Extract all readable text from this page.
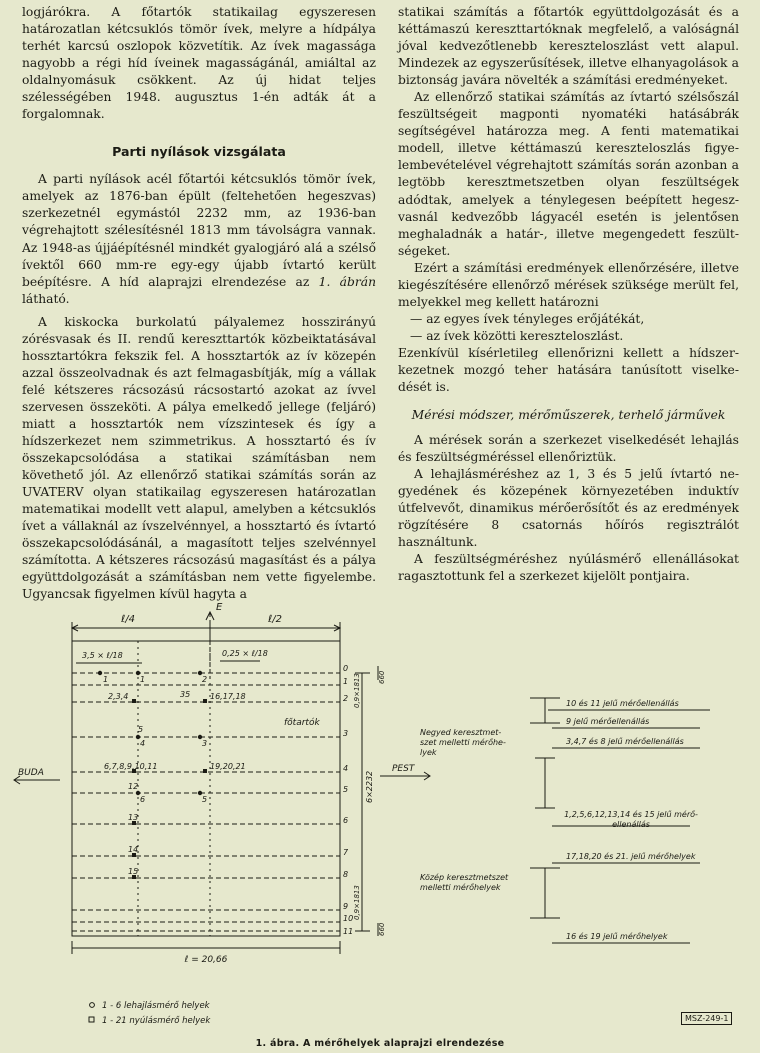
logjárókra. A főtartók statikailag egyszeresen határozatlan kétcsuklós tömör ívek, melyre a hídpálya terhét karcsú oszlopok közvetítik. Az ívek magassága nagyobb a régi híd íveinek magasságánál, amiáltal az oldalnyomásuk csökkent. Az új hidat teljes szélességében 1948. augusztus 1-én adták át a forgalomnak.

Parti nyílások vizsgálata

A parti nyílások acél főtartói kétcsuklós tömör ívek, amelyek az 1876-ban épült (feltehetően hegeszvas) szerkezetnél egymástól 2232 mm, az 1936-ban végrehajtott szélesítésnél 1813 mm távolságra vannak. Az 1948-as újjáépítésnél mindkét gyalogjáró alá a szélső ívektől 660 mm-re egy-egy újabb ívtartó került beépítésre. A híd alaprajzi elrendezése az 1. ábrán látható.

A kiskocka burkolatú pályalemez hosszirányú zórésvasak és II. rendű kereszttartók közbeiktatásával hossztartókra fekszik fel. A hossztartók az ív közepén azzal összeolvadnak és azt felmagasbítják, míg a vállak felé kétszeres rácsozású rácsostartó azokat az ívvel szervesen összeköti. A pálya emelkedő jellege (feljáró) miatt a hossztartók nem vízszintesek és így a hídszerkezet nem szimmetrikus. A hossztartó és ív összekapcsolódása a statikai számításban nem követhető jól. Az ellenőrző statikai számítás során az UVATERV olyan statikailag egyszeresen határozatlan matematikai modellt vett alapul, amelyben a kétcsuklós ívet a vállaknál az ívszelvénnyel, a hossztartó és ívtartó összekapcsolódásánál, a magasított teljes szelvénnyel számította. A kétszeres rácsozású magasítást és a pálya együttdolgozását a számításban nem vette figyelembe. Ugyancsak figyelmen kívül hagyta a

statikai számítás a főtartók együttdolgozását és a kéttámaszú kereszttartóknak megfelelő, a valóságnál jóval kedvezőtlenebb kereszteloszlást vett alapul. Mindezek az egyszerűsítések, illetve elhanyagolások a biztonság javára növelték a számítási eredményeket.

Az ellenőrző statikai számítás az ívtartó szélsőszál feszültségeit magponti nyomatéki hatásábrák segítségével határozza meg. A fenti matematikai modell, illetve kéttámaszú kereszteloszlás figyelembevételével végrehajtott számítás során azonban a legtöbb keresztmetszetben olyan feszültségek adódtak, amelyek a ténylegesen beépített hegeszvasnál kedvezőbb lágyacél esetén is jelentősen meghaladnák a határ-, illetve megengedett feszültségeket.

Ezért a számítási eredmények ellenőrzésére, illetve kiegészítésére ellenőrző mérések szüksége merült fel, melyekkel meg kellett határozni

— az egyes ívek tényleges erőjátékát,

— az ívek közötti kereszteloszlást.

Ezenkívül kísérletileg ellenőrizni kellett a hídszerkezetnek mozgó teher hatására tanúsított viselkedését is.

Mérési módszer, mérőműszerek, terhelő járművek

A mérések során a szerkezet viselkedését lehajlás és feszültségméréssel ellenőriztük.

A lehajlásméréshez az 1, 3 és 5 jelű ívtartó negyedének és közepének környezetében induktív útfelvevőt, dinamikus mérőerősítőt és az eredmények rögzítésére 8 csatornás hőírós regisztrálót használtunk.

A feszültségméréshez nyúlásmérő ellenállásokat ragasztottunk fel a szerkezet kijelölt pontjaira.

ℓ/4	ℓ/2
E
3,5 × ℓ/18	0,25 × ℓ/18
ℓ = 20,66
6×2232
660
660
0,9×1813
0,9×1813
BUDA	PEST
főtartók
0
1
2
3
4
5
6
7
8
9
10
11
1	1	2
2,3,4	35 16,17,18
5
4	3
6,7,8,9,10,11	19,20,21
12
6	5
13
14
15
10 és 11 jelű mérőellenállás
9 jelű mérőellenállás
3,4,7 és 8 jelű mérőellenállás
1,2,5,6,12,13,14 és 15 jelű mérőellenállás
17,18,20 és 21. jelű mérőhelyek
16 és 19 jelű mérőhelyek
Negyed keresztmetszet melletti mérőhelyek
Közép keresztmetszet melletti mérőhelyek
1 - 6 lehajlásmérő helyek
1 - 21 nyúlásmérő helyek	MSZ-249-1
1. ábra. A mérőhelyek alaprajzi elrendezése
